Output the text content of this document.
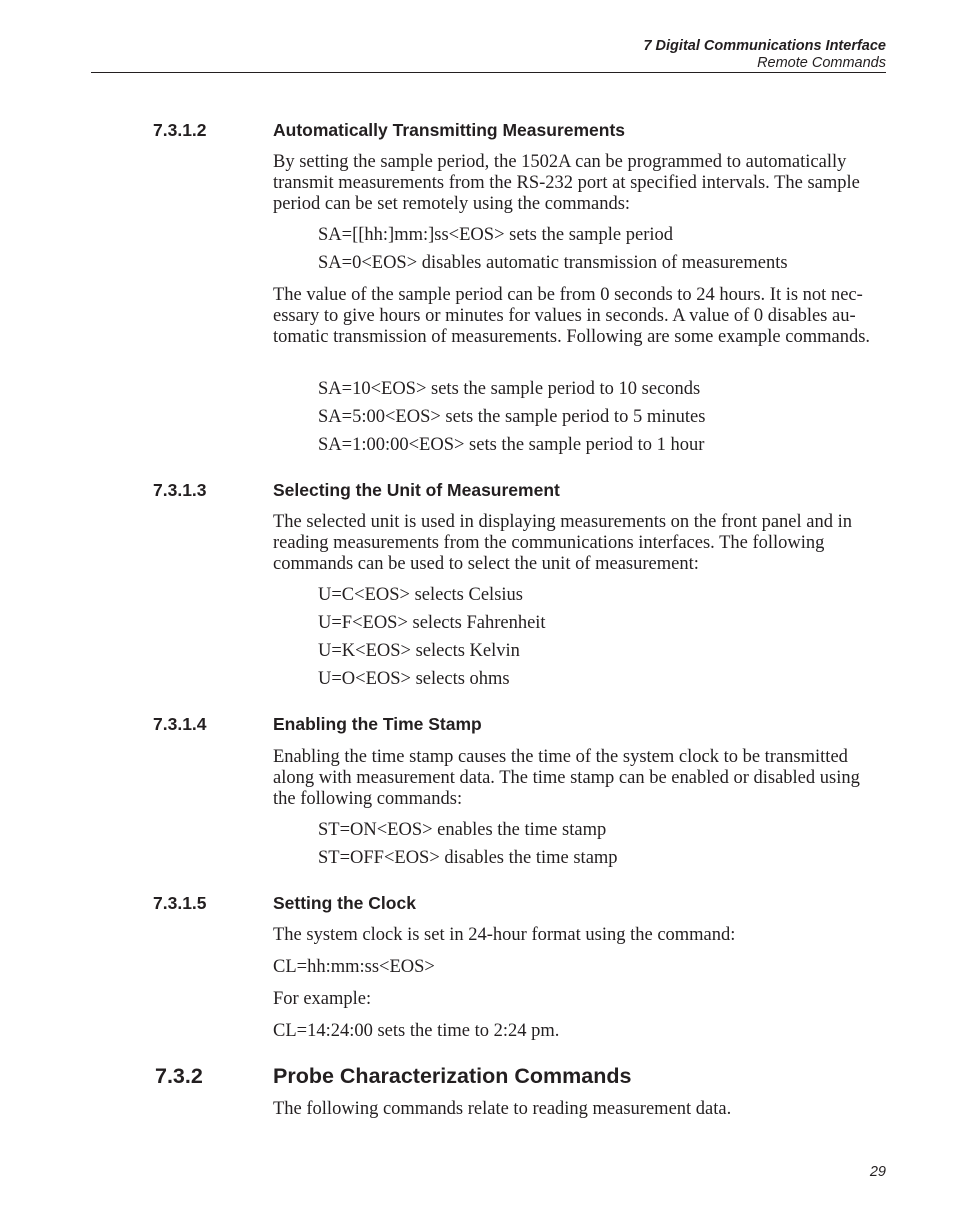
7 Digital Communications Interface
Remote Commands
7.3.1.2	Automatically Transmitting Measurements
By setting the sample period, the 1502A can be programmed to automatically transmit measurements from the RS-232 port at specified intervals. The sample period can be set remotely using the commands:
SA=[[hh:]mm:]ss<EOS> sets the sample period
SA=0<EOS> disables automatic transmission of measurements
The value of the sample period can be from 0 seconds to 24 hours. It is not nec-essary to give hours or minutes for values in seconds. A value of 0 disables au-tomatic transmission of measurements. Following are some example commands.
SA=10<EOS> sets the sample period to 10 seconds
SA=5:00<EOS> sets the sample period to 5 minutes
SA=1:00:00<EOS> sets the sample period to 1 hour
7.3.1.3	Selecting the Unit of Measurement
The selected unit is used in displaying measurements on the front panel and in reading measurements from the communications interfaces. The following commands can be used to select the unit of measurement:
U=C<EOS> selects Celsius
U=F<EOS> selects Fahrenheit
U=K<EOS> selects Kelvin
U=O<EOS> selects ohms
7.3.1.4	Enabling the Time Stamp
Enabling the time stamp causes the time of the system clock to be transmitted along with measurement data. The time stamp can be enabled or disabled using the following commands:
ST=ON<EOS> enables the time stamp
ST=OFF<EOS> disables the time stamp
7.3.1.5	Setting the Clock
The system clock is set in 24-hour format using the command:
CL=hh:mm:ss<EOS>
For example:
CL=14:24:00 sets the time to 2:24 pm.
7.3.2	Probe Characterization Commands
The following commands relate to reading measurement data.
29
